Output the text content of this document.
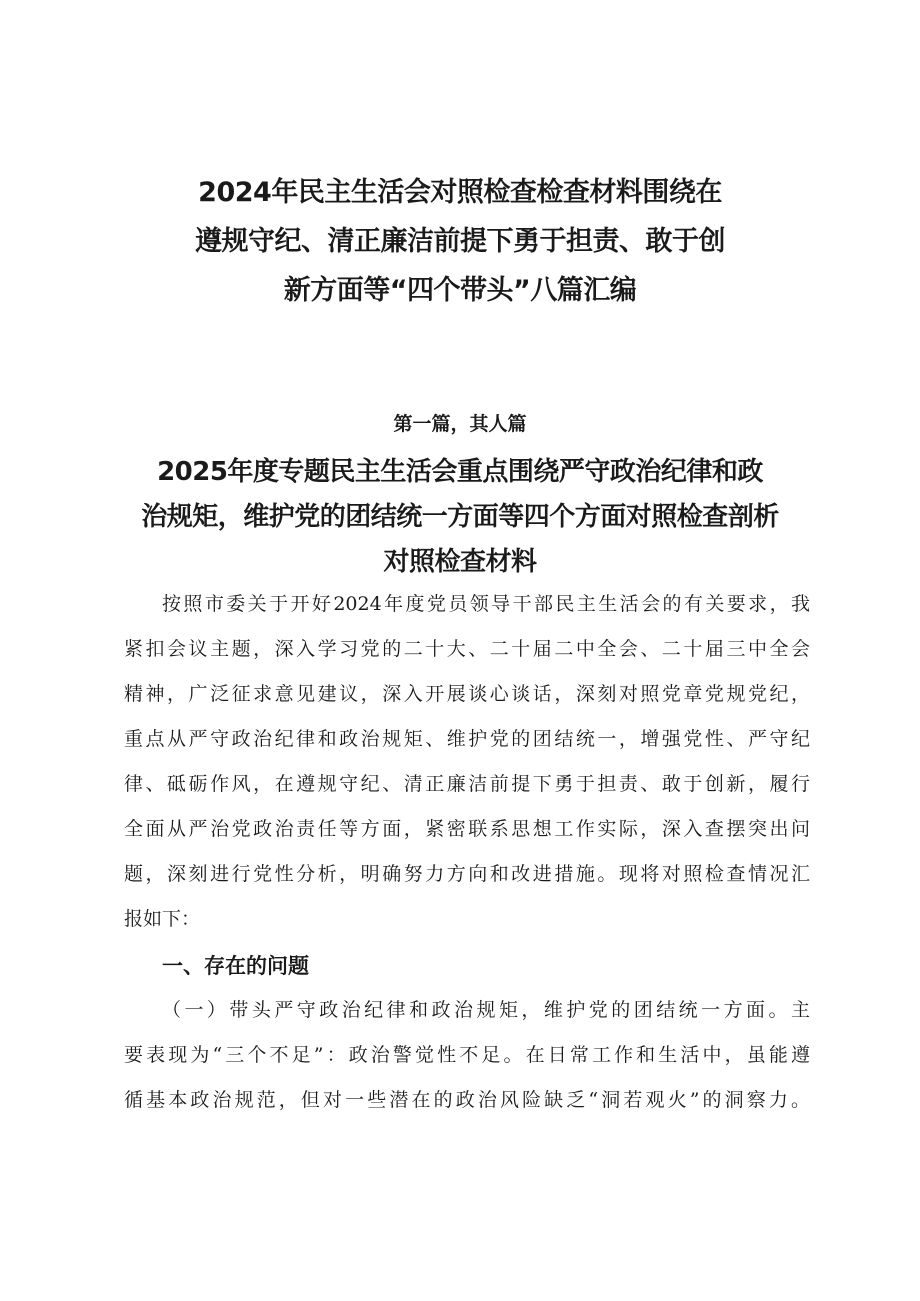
2024年民主生活会对照检查检查材料围绕在
遵规守纪、清正廉洁前提下勇于担责、敢于创
新方面等“四个带头”八篇汇编
第一篇，其人篇
2025年度专题民主生活会重点围绕严守政治纪律和政
治规矩，维护党的团结统一方面等四个方面对照检查剖析
对照检查材料
按照市委关于开好2024年度党员领导干部民主生活会的有关要求，我
紧扣会议主题，深入学习党的二十大、二十届二中全会、二十届三中全会
精神，广泛征求意见建议，深入开展谈心谈话，深刻对照党章党规党纪，
重点从严守政治纪律和政治规矩、维护党的团结统一，增强党性、严守纪
律、砥砺作风，在遵规守纪、清正廉洁前提下勇于担责、敢于创新，履行
全面从严治党政治责任等方面，紧密联系思想工作实际，深入查摆突出问
题，深刻进行党性分析，明确努力方向和改进措施。现将对照检查情况汇
报如下：
一、存在的问题
（一）带头严守政治纪律和政治规矩，维护党的团结统一方面。主
要表现为“三个不足”：政治警觉性不足。在日常工作和生活中，虽能遵
循基本政治规范，但对一些潜在的政治风险缺乏“洞若观火”的洞察力。
